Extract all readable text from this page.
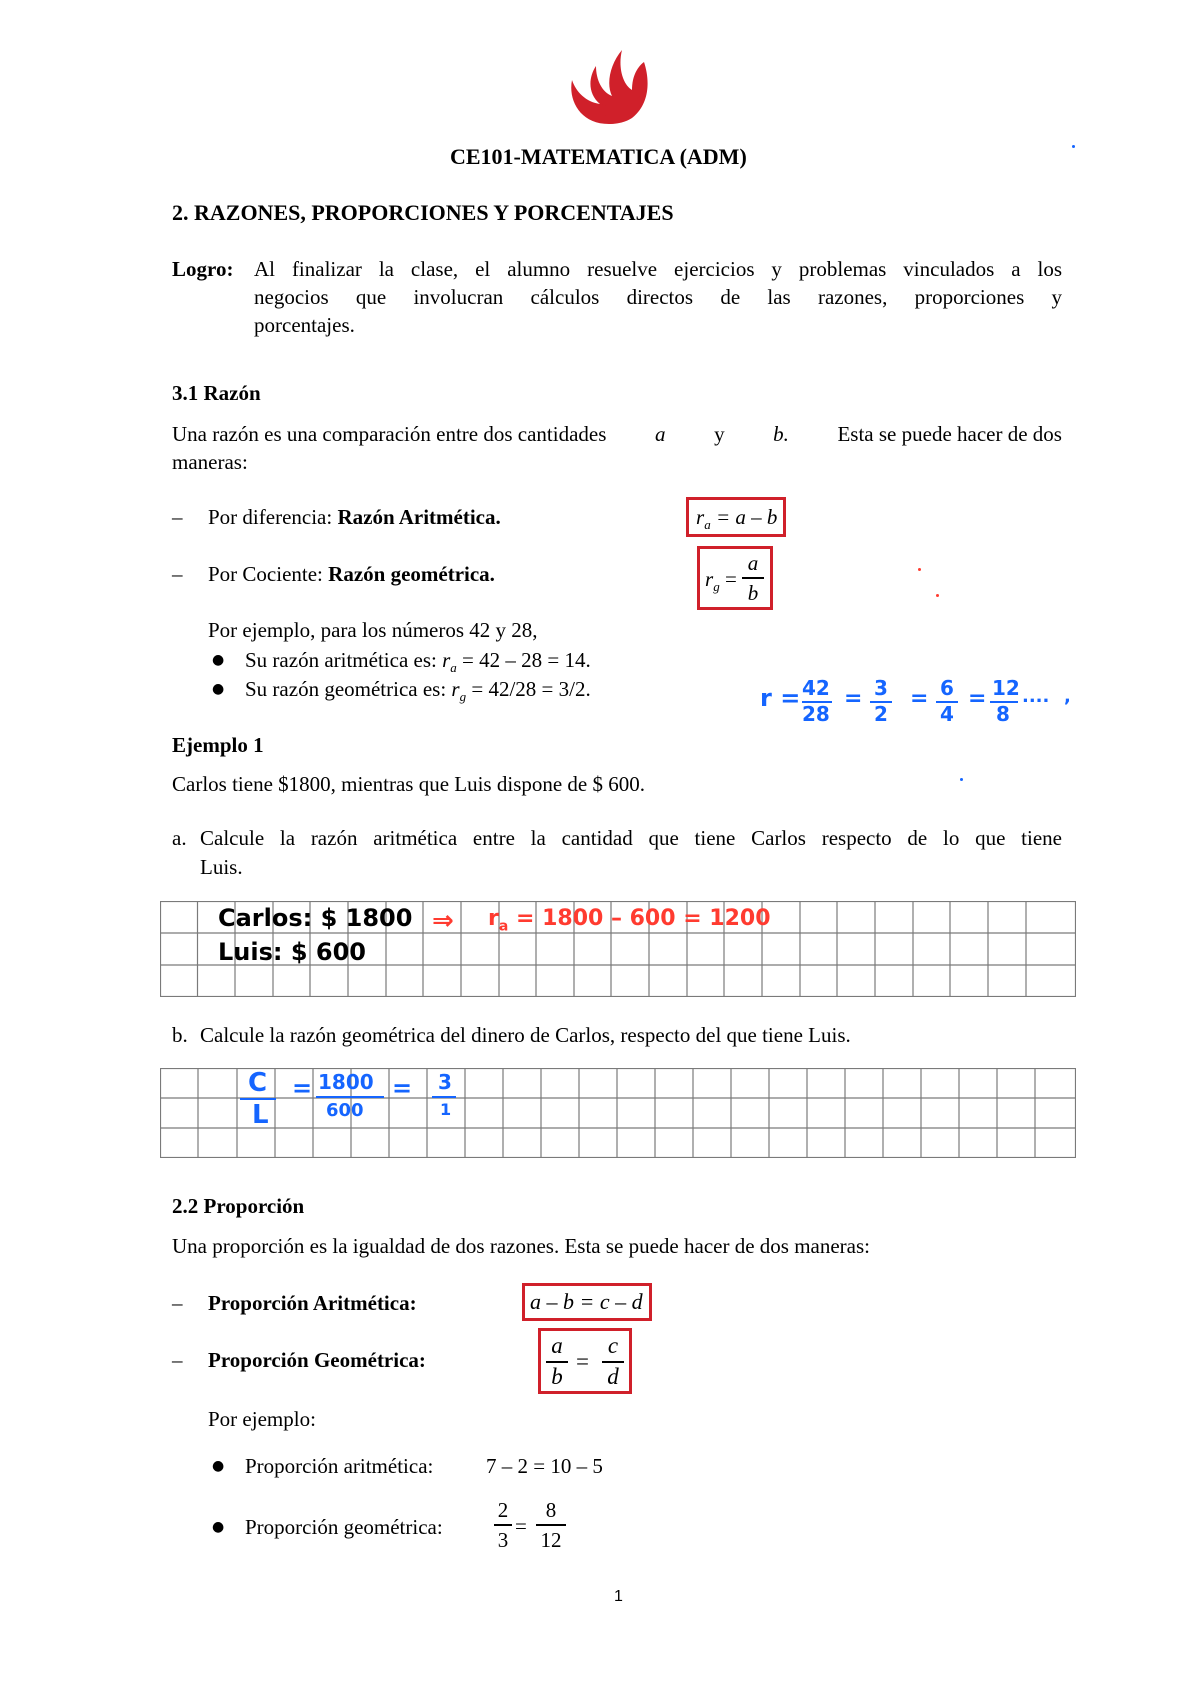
CE101-MATEMATICA (ADM)
2. RAZONES, PROPORCIONES Y PORCENTAJES
Logro: Al finalizar la clase, el alumno resuelve ejercicios y problemas vinculados a los
negocios que involucran cálculos directos de las razones, proporciones y
porcentajes.
3.1 Razón
Una razón es una comparación entre dos cantidades a y b. Esta se puede hacer de dos
maneras:
– Por diferencia: Razón Aritmética.	$r_a = a - b$
– Por Cociente: Razón geométrica.	$r_g$ =
a
b
Por ejemplo, para los números 42 y 28,
● Su razón aritmética es: $r_a = 42 - 28 = 14$.
● Su razón geométrica es: $r_g = 42/28 = 3/2$.	r = 42
28
= 3
2
= 6
4
= 12
8
.... ,
Ejemplo 1
Carlos tiene $1800, mientras que Luis dispone de $ 600.
a. Calcule la razón aritmética entre la cantidad que tiene Carlos respecto de lo que tiene
Luis.
Carlos: $ 1800
Luis: $ 600
⇒ $r_a = 1800 - 600 = 1200$
b. Calcule la razón geométrica del dinero de Carlos, respecto del que tiene Luis.
C
L
= 1800
600
= 3
1
2.2 Proporción
Una proporción es la igualdad de dos razones. Esta se puede hacer de dos maneras:
– Proporción Aritmética:	a – b = c – d
– Proporción Geométrica:
a
b
=
c
d
Por ejemplo:
● Proporción aritmética:	7 – 2 = 10 – 5
● Proporción geométrica:
2
3
=
8
12
1
